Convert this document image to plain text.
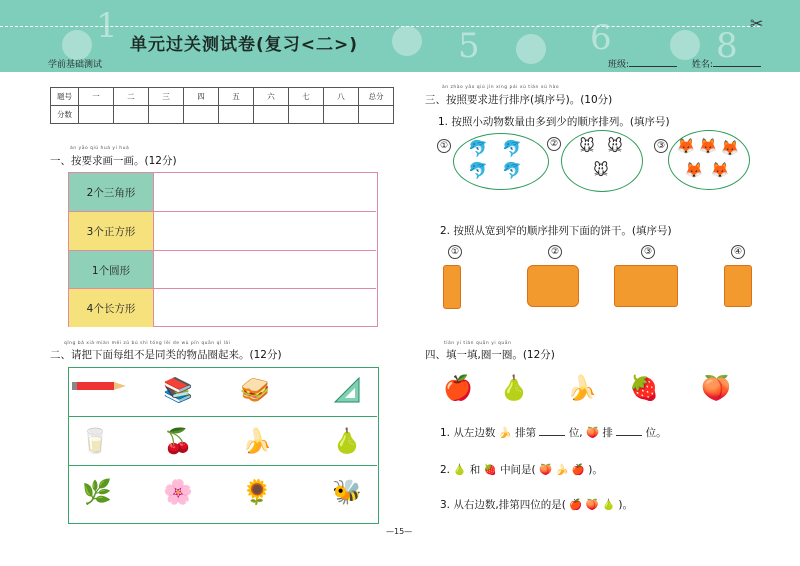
1	5	6	8
✂
单元过关测试卷(复习<二>)
学前基础测试	班级:	姓名:
题号	一	二	三	四	五	六	七	八	总分
分数									
àn yāo qiú huà yi huà
一、按要求画一画。(12分)
2个三角形
3个正方形
1个圆形
4个长方形
qǐng bǎ xià miàn měi zǔ bú shì tóng lèi de wù pǐn quān qǐ lái
二、请把下面每组不是同类的物品圈起来。(12分)
📚 🥪
🥛 🍒 🍌	🍐
🌿 🌸 🌻	🐝
àn zhào yāo qiú jìn xíng pái xù tián xù hào
三、按照要求进行排序(填序号)。(10分)
1. 按照小动物数量由多到少的顺序排列。(填序号)
① 🐬 🐬
🐬 🐬
② 🐭 🐭
🐭
③ 🦊 🦊 🦊
🦊 🦊
2. 按照从宽到窄的顺序排列下面的饼干。(填序号)
①	②	③	④
tián yi tián quān yi quān
四、填一填,圈一圈。(12分)
🍎 🍐 🍌 🍓 🍑
1. 从左边数 🍌 排第	位, 🍑 排	位。
2. 🍐 和 🍓 中间是( 🍑 🍌 🍎 )。
3. 从右边数,排第四位的是( 🍎 🍑 🍐 )。
—15—
